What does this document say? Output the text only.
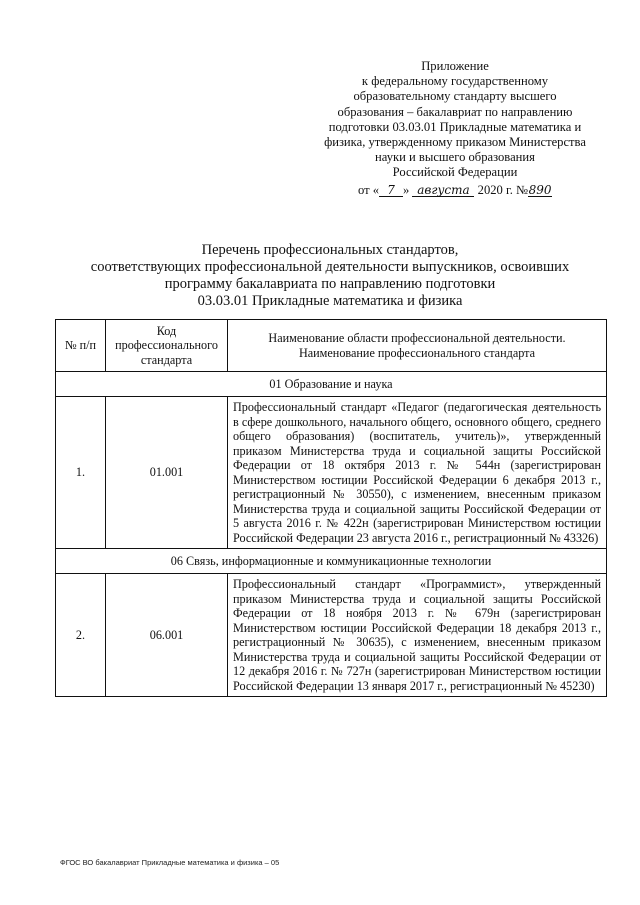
Приложение
к федеральному государственному
образовательному стандарту высшего
образования – бакалавриат по направлению
подготовки 03.03.01 Прикладные математика и
физика, утвержденному приказом Министерства
науки и высшего образования
Российской Федерации
от « 7 » августа 2020 г. №890
Перечень профессиональных стандартов,
соответствующих профессиональной деятельности выпускников, освоивших
программу бакалавриата по направлению подготовки
03.03.01 Прикладные математика и физика
№ п/п	Код профессионального стандарта	Наименование области профессиональной деятельности. Наименование профессионального стандарта
01 Образование и наука		
1.	01.001	Профессиональный стандарт «Педагог (педагогическая деятельность в сфере дошкольного, начального общего, основного общего, среднего общего образования) (воспитатель, учитель)», утвержденный приказом Министерства труда и социальной защиты Российской Федерации от 18 октября 2013 г. № 544н (зарегистрирован Министерством юстиции Российской Федерации 6 декабря 2013 г., регистрационный № 30550), с изменением, внесенным приказом Министерства труда и социальной защиты Российской Федерации от 5 августа 2016 г. № 422н (зарегистрирован Министерством юстиции Российской Федерации 23 августа 2016 г., регистрационный № 43326)
06 Связь, информационные и коммуникационные технологии		
2.	06.001	Профессиональный стандарт «Программист», утвержденный приказом Министерства труда и социальной защиты Российской Федерации от 18 ноября 2013 г. № 679н (зарегистрирован Министерством юстиции Российской Федерации 18 декабря 2013 г., регистрационный № 30635), с изменением, внесенным приказом Министерства труда и социальной защиты Российской Федерации от 12 декабря 2016 г. № 727н (зарегистрирован Министерством юстиции Российской Федерации 13 января 2017 г., регистрационный № 45230)
ФГОС ВО бакалавриат Прикладные математика и физика – 05
